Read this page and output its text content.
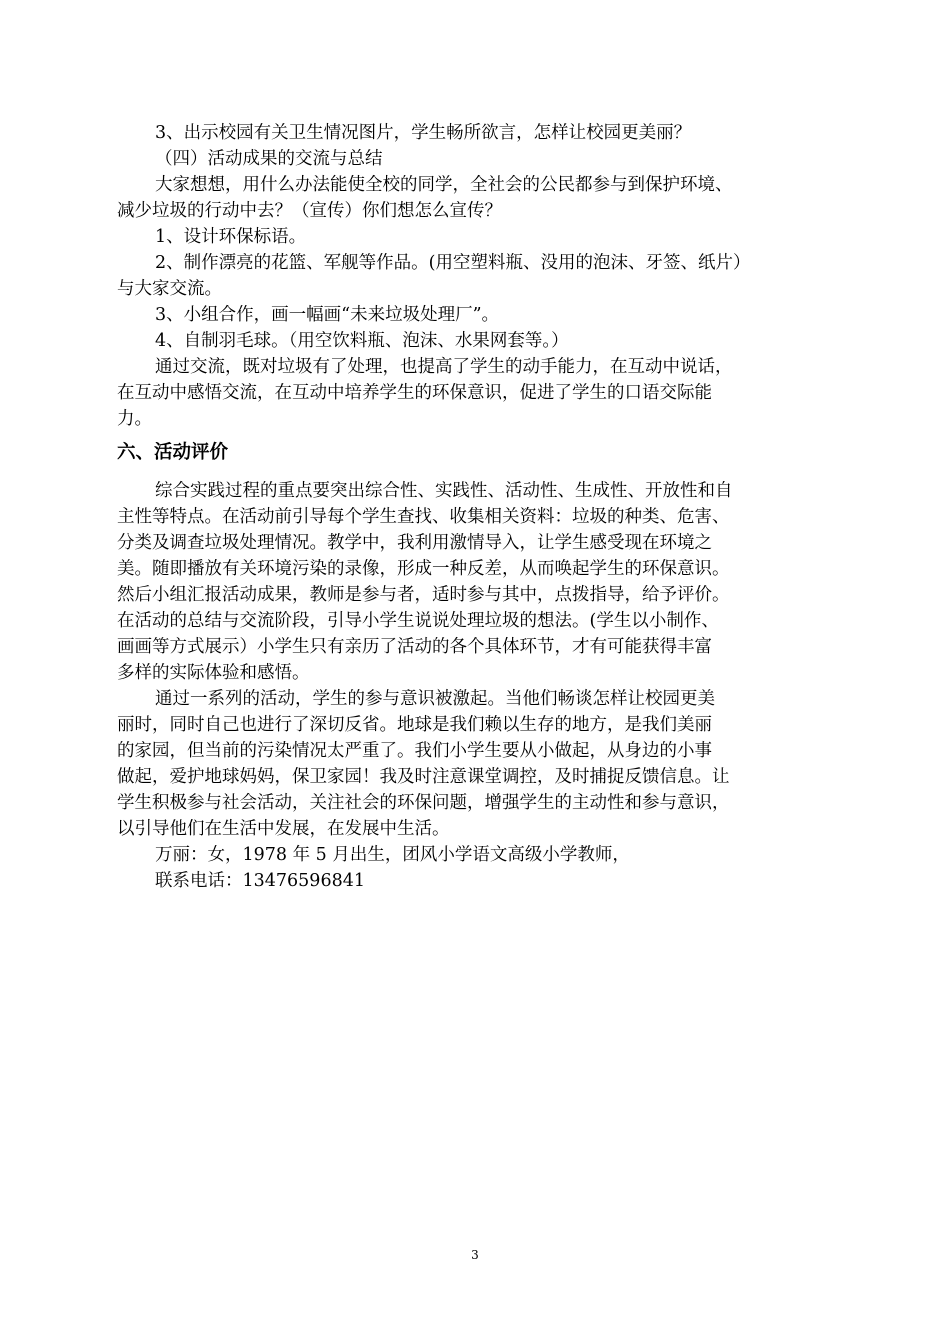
3、出示校园有关卫生情况图片，学生畅所欲言，怎样让校园更美丽？
（四）活动成果的交流与总结
大家想想，用什么办法能使全校的同学，全社会的公民都参与到保护环境、
减少垃圾的行动中去？（宣传）你们想怎么宣传？
1、设计环保标语。
2、制作漂亮的花篮、军舰等作品。(用空塑料瓶、没用的泡沫、牙签、纸片）
与大家交流。
3、小组合作，画一幅画“未来垃圾处理厂”。
4、自制羽毛球。（用空饮料瓶、泡沫、水果网套等。）
通过交流，既对垃圾有了处理，也提高了学生的动手能力，在互动中说话，
在互动中感悟交流，在互动中培养学生的环保意识，促进了学生的口语交际能
力。
六、活动评价
综合实践过程的重点要突出综合性、实践性、活动性、生成性、开放性和自
主性等特点。在活动前引导每个学生查找、收集相关资料：垃圾的种类、危害、
分类及调查垃圾处理情况。教学中，我利用激情导入，让学生感受现在环境之
美。随即播放有关环境污染的录像，形成一种反差，从而唤起学生的环保意识。
然后小组汇报活动成果，教师是参与者，适时参与其中，点拨指导，给予评价。
在活动的总结与交流阶段，引导小学生说说处理垃圾的想法。(学生以小制作、
画画等方式展示）小学生只有亲历了活动的各个具体环节，才有可能获得丰富
多样的实际体验和感悟。
通过一系列的活动，学生的参与意识被激起。当他们畅谈怎样让校园更美
丽时，同时自己也进行了深切反省。地球是我们赖以生存的地方，是我们美丽
的家园，但当前的污染情况太严重了。我们小学生要从小做起，从身边的小事
做起，爱护地球妈妈，保卫家园！我及时注意课堂调控，及时捕捉反馈信息。让
学生积极参与社会活动，关注社会的环保问题，增强学生的主动性和参与意识，
以引导他们在生活中发展，在发展中生活。
万丽：女，1978 年 5 月出生，团风小学语文高级小学教师，
联系电话：13476596841
3
